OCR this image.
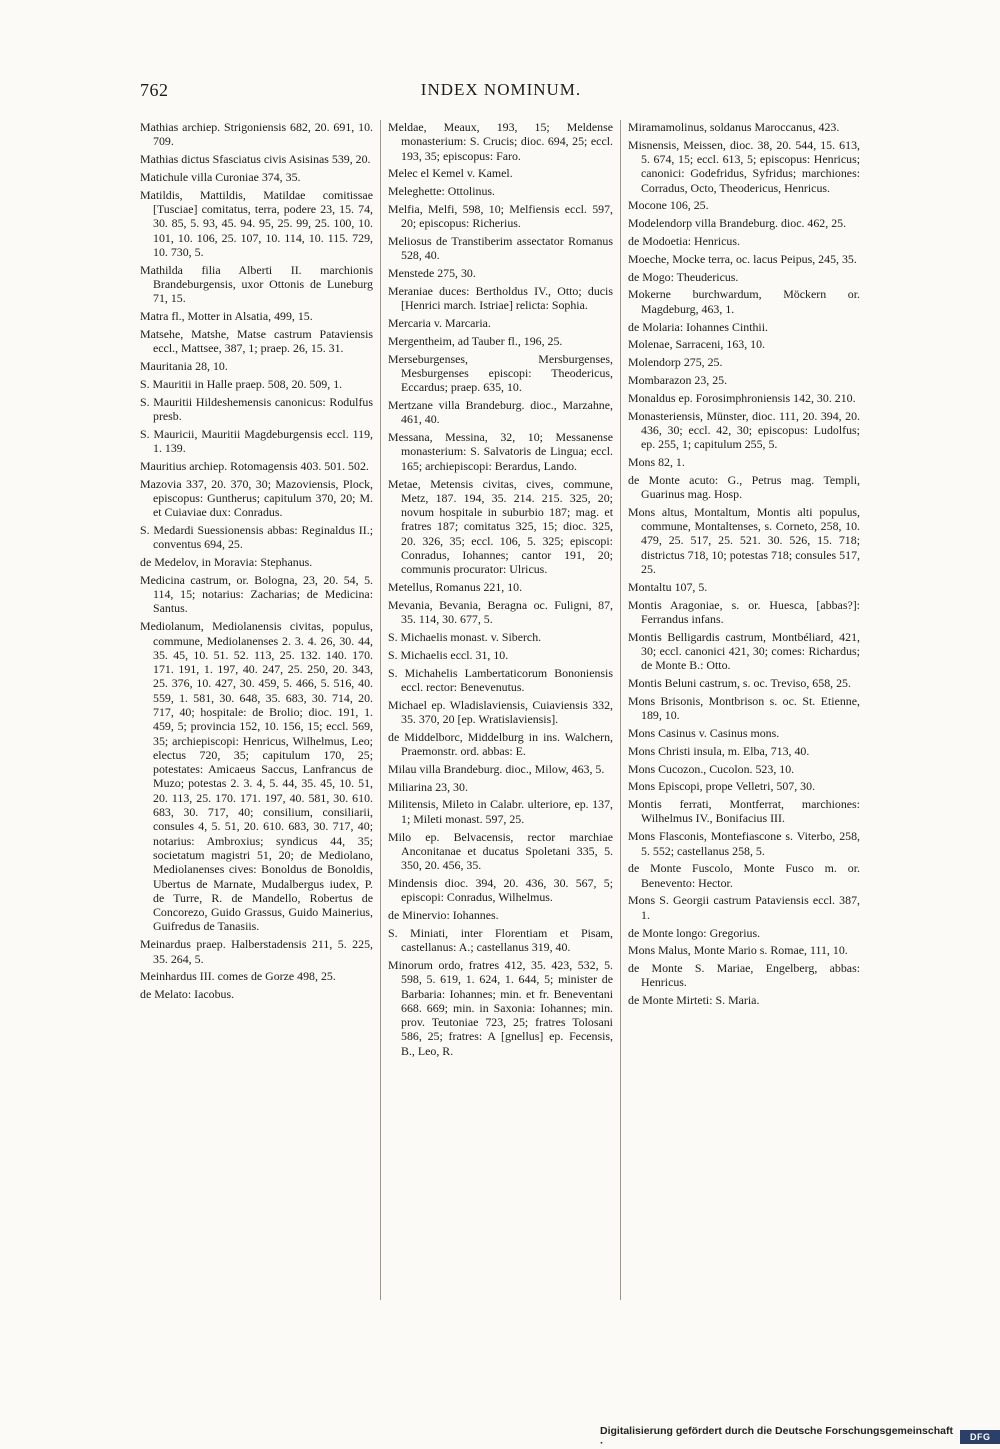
762	INDEX NOMINUM.

Mathias archiep. Strigoniensis 682, 20. 691, 10. 709.

Mathias dictus Sfasciatus civis Asisinas 539, 20.

Matichule villa Curoniae 374, 35.

Matildis, Mattildis, Matildae comitissae [Tusciae] comitatus, terra, podere 23, 15. 74, 30. 85, 5. 93, 45. 94. 95, 25. 99, 25. 100, 10. 101, 10. 106, 25. 107, 10. 114, 10. 115. 729, 10. 730, 5.

Mathilda filia Alberti II. marchionis Brandeburgensis, uxor Ottonis de Luneburg 71, 15.

Matra fl., Motter in Alsatia, 499, 15.

Matsehe, Matshe, Matse castrum Pataviensis eccl., Mattsee, 387, 1; praep. 26, 15. 31.

Mauritania 28, 10.

S. Mauritii in Halle praep. 508, 20. 509, 1.

S. Mauritii Hildeshemensis canonicus: Rodulfus presb.

S. Mauricii, Mauritii Magdeburgensis eccl. 119, 1. 139.

Mauritius archiep. Rotomagensis 403. 501. 502.

Mazovia 337, 20. 370, 30; Mazoviensis, Plock, episcopus: Guntherus; capitulum 370, 20; M. et Cuiaviae dux: Conradus.

S. Medardi Suessionensis abbas: Reginaldus II.; conventus 694, 25.

de Medelov, in Moravia: Stephanus.

Medicina castrum, or. Bologna, 23, 20. 54, 5. 114, 15; notarius: Zacharias; de Medicina: Santus.

Mediolanum, Mediolanensis civitas, populus, commune, Mediolanenses 2. 3. 4. 26, 30. 44, 35. 45, 10. 51. 52. 113, 25. 132. 140. 170. 171. 191, 1. 197, 40. 247, 25. 250, 20. 343, 25. 376, 10. 427, 30. 459, 5. 466, 5. 516, 40. 559, 1. 581, 30. 648, 35. 683, 30. 714, 20. 717, 40; hospitale: de Brolio; dioc. 191, 1. 459, 5; provincia 152, 10. 156, 15; eccl. 569, 35; archiepiscopi: Henricus, Wilhelmus, Leo; electus 720, 35; capitulum 170, 25; potestates: Amicaeus Saccus, Lanfrancus de Muzo; potestas 2. 3. 4, 5. 44, 35. 45, 10. 51, 20. 113, 25. 170. 171. 197, 40. 581, 30. 610. 683, 30. 717, 40; consilium, consiliarii, consules 4, 5. 51, 20. 610. 683, 30. 717, 40; notarius: Ambroxius; syndicus 44, 35; societatum magistri 51, 20; de Mediolano, Mediolanenses cives: Bonoldus de Bonoldis, Ubertus de Marnate, Mudalbergus iudex, P. de Turre, R. de Mandello, Robertus de Concorezo, Guido Grassus, Guido Mainerius, Guifredus de Tanasiis.

Meinardus praep. Halberstadensis 211, 5. 225, 35. 264, 5.

Meinhardus III. comes de Gorze 498, 25.

de Melato: Iacobus.

Meldae, Meaux, 193, 15; Meldense monasterium: S. Crucis; dioc. 694, 25; eccl. 193, 35; episcopus: Faro.

Melec el Kemel v. Kamel.

Meleghette: Ottolinus.

Melfia, Melfi, 598, 10; Melfiensis eccl. 597, 20; episcopus: Richerius.

Meliosus de Transtiberim assectator Romanus 528, 40.

Menstede 275, 30.

Meraniae duces: Bertholdus IV., Otto; ducis [Henrici march. Istriae] relicta: Sophia.

Mercaria v. Marcaria.

Mergentheim, ad Tauber fl., 196, 25.

Merseburgenses, Mersburgenses, Mesburgenses episcopi: Theodericus, Eccardus; praep. 635, 10.

Mertzane villa Brandeburg. dioc., Marzahne, 461, 40.

Messana, Messina, 32, 10; Messanense monasterium: S. Salvatoris de Lingua; eccl. 165; archiepiscopi: Berardus, Lando.

Metae, Metensis civitas, cives, commune, Metz, 187. 194, 35. 214. 215. 325, 20; novum hospitale in suburbio 187; mag. et fratres 187; comitatus 325, 15; dioc. 325, 20. 326, 35; eccl. 106, 5. 325; episcopi: Conradus, Iohannes; cantor 191, 20; communis procurator: Ulricus.

Metellus, Romanus 221, 10.

Mevania, Bevania, Beragna oc. Fuligni, 87, 35. 114, 30. 677, 5.

S. Michaelis monast. v. Siberch.

S. Michaelis eccl. 31, 10.

S. Michahelis Lambertaticorum Bononiensis eccl. rector: Benevenutus.

Michael ep. Wladislaviensis, Cuiaviensis 332, 35. 370, 20 [ep. Wratislaviensis].

de Middelborc, Middelburg in ins. Walchern, Praemonstr. ord. abbas: E.

Milau villa Brandeburg. dioc., Milow, 463, 5.

Miliarina 23, 30.

Militensis, Mileto in Calabr. ulteriore, ep. 137, 1; Mileti monast. 597, 25.

Milo ep. Belvacensis, rector marchiae Anconitanae et ducatus Spoletani 335, 5. 350, 20. 456, 35.

Mindensis dioc. 394, 20. 436, 30. 567, 5; episcopi: Conradus, Wilhelmus.

de Minervio: Iohannes.

S. Miniati, inter Florentiam et Pisam, castellanus: A.; castellanus 319, 40.

Minorum ordo, fratres 412, 35. 423, 532, 5. 598, 5. 619, 1. 624, 1. 644, 5; minister de Barbaria: Iohannes; min. et fr. Beneventani 668. 669; min. in Saxonia: Iohannes; min. prov. Teutoniae 723, 25; fratres Tolosani 586, 25; fratres: A [gnellus] ep. Fecensis, B., Leo, R.

Miramamolinus, soldanus Maroccanus, 423.

Misnensis, Meissen, dioc. 38, 20. 544, 15. 613, 5. 674, 15; eccl. 613, 5; episcopus: Henricus; canonici: Godefridus, Syfridus; marchiones: Corradus, Octo, Theodericus, Henricus.

Mocone 106, 25.

Modelendorp villa Brandeburg. dioc. 462, 25.

de Modoetia: Henricus.

Moeche, Mocke terra, oc. lacus Peipus, 245, 35.

de Mogo: Theudericus.

Mokerne burchwardum, Möckern or. Magdeburg, 463, 1.

de Molaria: Iohannes Cinthii.

Molenae, Sarraceni, 163, 10.

Molendorp 275, 25.

Mombarazon 23, 25.

Monaldus ep. Forosimphroniensis 142, 30. 210.

Monasteriensis, Münster, dioc. 111, 20. 394, 20. 436, 30; eccl. 42, 30; episcopus: Ludolfus; ep. 255, 1; capitulum 255, 5.

Mons 82, 1.

de Monte acuto: G., Petrus mag. Templi, Guarinus mag. Hosp.

Mons altus, Montaltum, Montis alti populus, commune, Montaltenses, s. Corneto, 258, 10. 479, 25. 517, 25. 521. 30. 526, 15. 718; districtus 718, 10; potestas 718; consules 517, 25.

Montaltu 107, 5.

Montis Aragoniae, s. or. Huesca, [abbas?]: Ferrandus infans.

Montis Belligardis castrum, Montbéliard, 421, 30; eccl. canonici 421, 30; comes: Richardus; de Monte B.: Otto.

Montis Beluni castrum, s. oc. Treviso, 658, 25.

Mons Brisonis, Montbrison s. oc. St. Etienne, 189, 10.

Mons Casinus v. Casinus mons.

Mons Christi insula, m. Elba, 713, 40.

Mons Cucozon., Cucolon. 523, 10.

Mons Episcopi, prope Velletri, 507, 30.

Montis ferrati, Montferrat, marchiones: Wilhelmus IV., Bonifacius III.

Mons Flasconis, Montefiascone s. Viterbo, 258, 5. 552; castellanus 258, 5.

de Monte Fuscolo, Monte Fusco m. or. Benevento: Hector.

Mons S. Georgii castrum Pataviensis eccl. 387, 1.

de Monte longo: Gregorius.

Mons Malus, Monte Mario s. Romae, 111, 10.

de Monte S. Mariae, Engelberg, abbas: Henricus.

de Monte Mirteti: S. Maria.

Digitalisierung gefördert durch die Deutsche Forschungsgemeinschaft ·	DFG
